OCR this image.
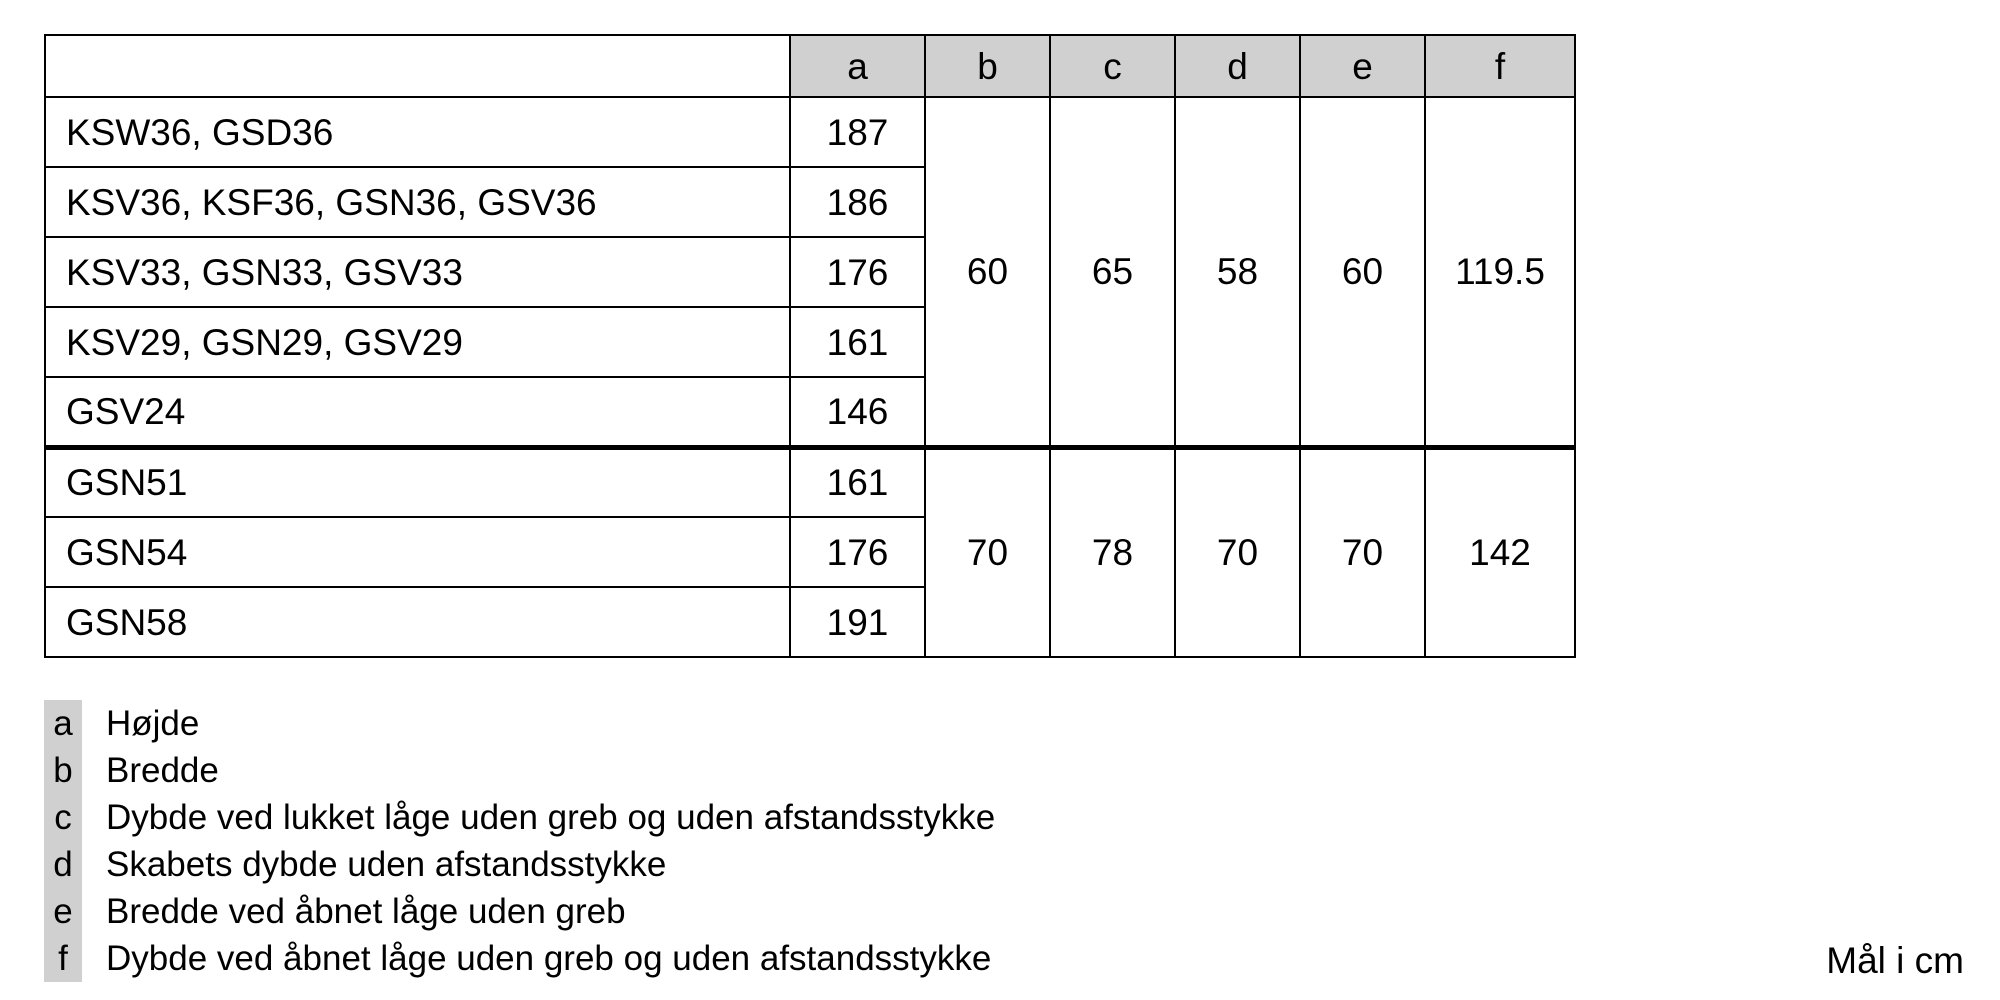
	a	b	c	d	e	f
KSW36, GSD36	187	60	65	58	60	119.5
KSV36, KSF36, GSN36, GSV36	186					
KSV33, GSN33, GSV33	176					
KSV29, GSN29, GSV29	161					
GSV24	146					
GSN51	161	70	78	70	70	142
GSN54	176					
GSN58	191					
a Højde
b Bredde
c Dybde ved lukket låge uden greb og uden afstandsstykke
d Skabets dybde uden afstandsstykke
e Bredde ved åbnet låge uden greb
f	Dybde ved åbnet låge uden greb og uden afstandsstykke	Mål i cm
